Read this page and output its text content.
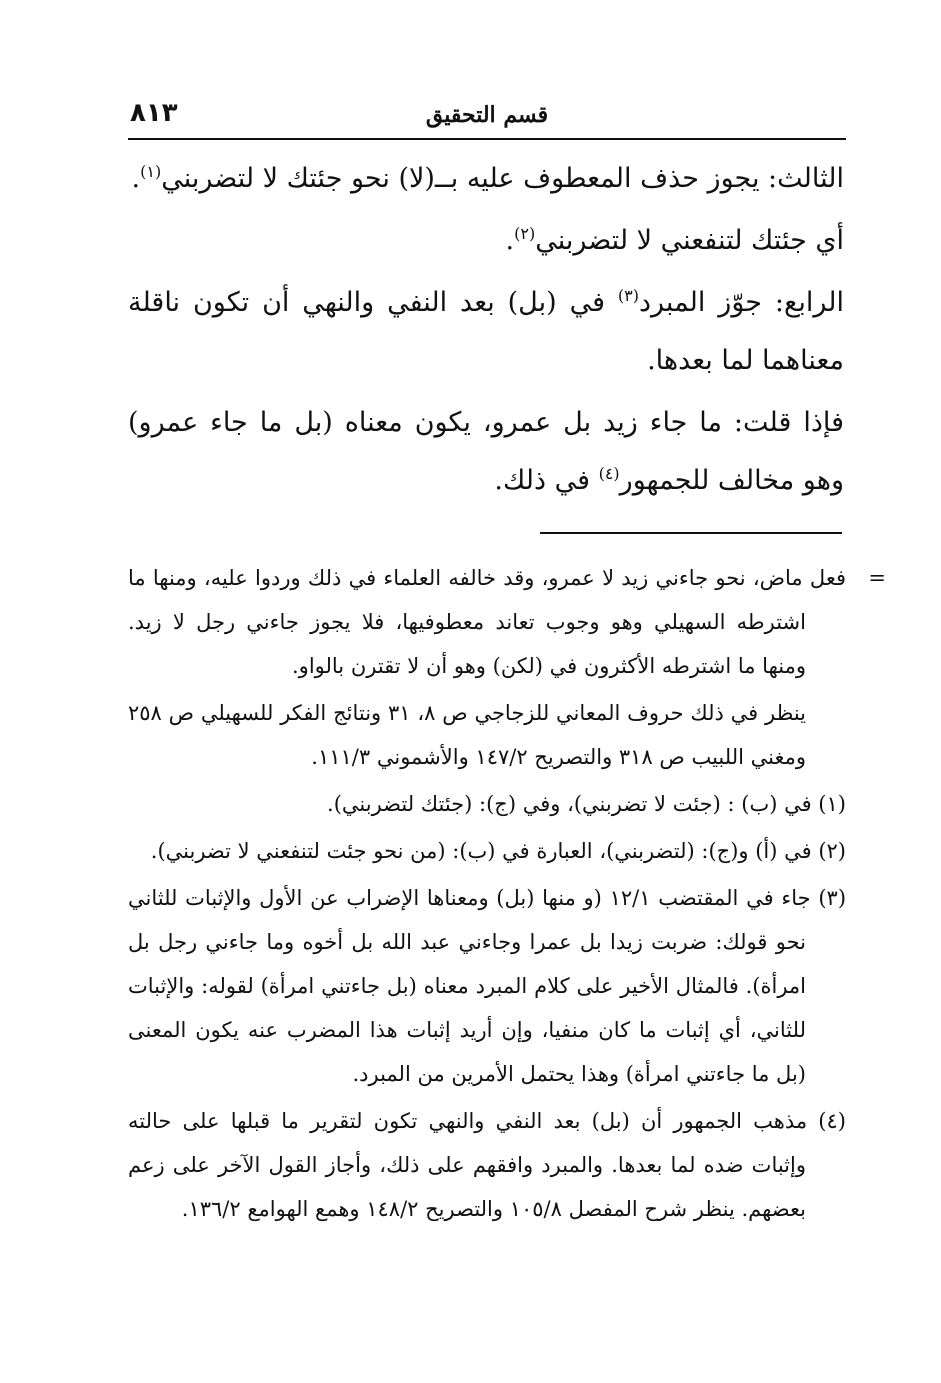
٨١٣	قسم التحقيق

الثالث: يجوز حذف المعطوف عليه بــ(لا) نحو جئتك لا لتضربني$^{(١)}$.

أي جئتك لتنفعني لا لتضربني$^{(٢)}$.

الرابع: جوّز المبرد$^{(٣)}$ في (بل) بعد النفي والنهي أن تكون ناقلة معناهما لما بعدها.

فإذا قلت: ما جاء زيد بل عمرو، يكون معناه (بل ما جاء عمرو) وهو مخالف للجمهور$^{(٤)}$ في ذلك.

=فعل ماض، نحو جاءني زيد لا عمرو، وقد خالفه العلماء في ذلك وردوا عليه، ومنها ما اشترطه السهيلي وهو وجوب تعاند معطوفيها، فلا يجوز جاءني رجل لا زيد. ومنها ما اشترطه الأكثرون في (لكن) وهو أن لا تقترن بالواو.
ينظر في ذلك حروف المعاني للزجاجي ص ٨، ٣١ ونتائج الفكر للسهيلي ص ٢٥٨ ومغني اللبيب ص ٣١٨ والتصريح ١٤٧/٢ والأشموني ١١١/٣.
(١) في (ب) : (جئت لا تضربني)، وفي (ج): (جئتك لتضربني).
(٢) في (أ) و(ج): (لتضربني)، العبارة في (ب): (من نحو جئت لتنفعني لا تضربني).
(٣) جاء في المقتضب ١٢/١ (و منها (بل) ومعناها الإضراب عن الأول والإثبات للثاني نحو قولك: ضربت زيدا بل عمرا وجاءني عبد الله بل أخوه وما جاءني رجل بل امرأة). فالمثال الأخير على كلام المبرد معناه (بل جاءتني امرأة) لقوله: والإثبات للثاني، أي إثبات ما كان منفيا، وإن أريد إثبات هذا المضرب عنه يكون المعنى (بل ما جاءتني امرأة) وهذا يحتمل الأمرين من المبرد.
(٤) مذهب الجمهور أن (بل) بعد النفي والنهي تكون لتقرير ما قبلها على حالته وإثبات ضده لما بعدها. والمبرد وافقهم على ذلك، وأجاز القول الآخر على زعم بعضهم. ينظر شرح المفصل ١٠٥/٨ والتصريح ١٤٨/٢ وهمع الهوامع ١٣٦/٢.
